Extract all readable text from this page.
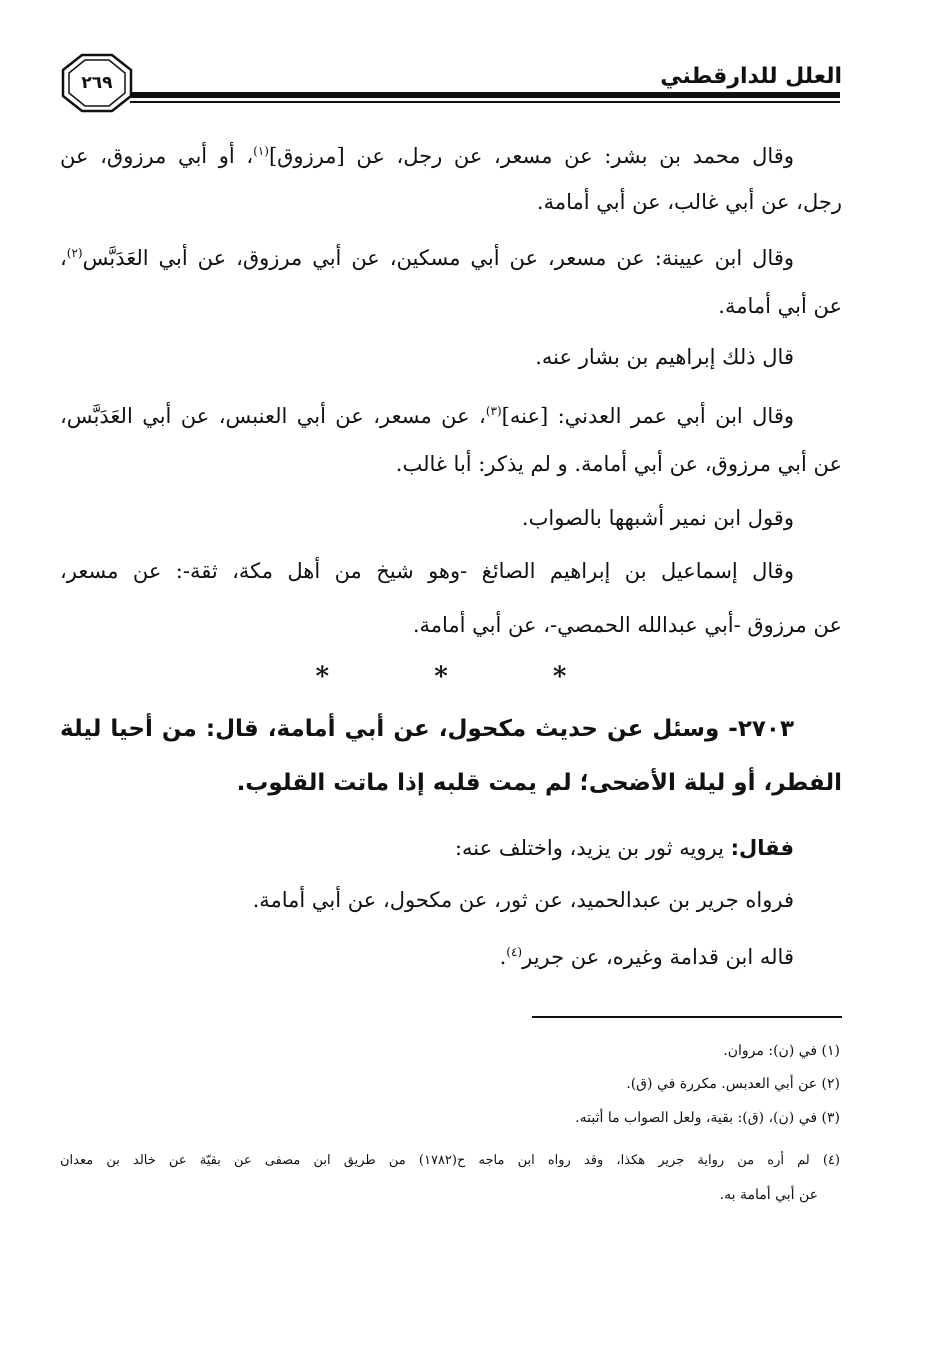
العلل للدارقطني
٢٦٩
وقال محمد بن بشر: عن مسعر، عن رجل، عن [مرزوق]$^{(١)}$، أو أبي مرزوق، عن
رجل، عن أبي غالب، عن أبي أمامة.
وقال ابن عيينة: عن مسعر، عن أبي مسكين، عن أبي مرزوق، عن أبي العَدَبَّس$^{(٢)}$،
عن أبي أمامة.
قال ذلك إبراهيم بن بشار عنه.
وقال ابن أبي عمر العدني: [عنه]$^{(٣)}$، عن مسعر، عن أبي العنبس، عن أبي العَدَبَّس،
عن أبي مرزوق، عن أبي أمامة. و لم يذكر: أبا غالب.
وقول ابن نمير أشبهها بالصواب.
وقال إسماعيل بن إبراهيم الصائغ -وهو شيخ من أهل مكة، ثقة-: عن مسعر،
عن مرزوق -أبي عبدالله الحمصي-، عن أبي أمامة.
* * *
٢٧٠٣- وسئل عن حديث مكحول، عن أبي أمامة، قال: من أحيا ليلة
الفطر، أو ليلة الأضحى؛ لم يمت قلبه إذا ماتت القلوب.
فقال: يرويه ثور بن يزيد، واختلف عنه:
فرواه جرير بن عبدالحميد، عن ثور، عن مكحول، عن أبي أمامة.
قاله ابن قدامة وغيره، عن جرير$^{(٤)}$.
(١) في (ن): مروان.
(٢) عن أبي العدبس. مكررة في (ق).
(٣) في (ن)، (ق): بقية، ولعل الصواب ما أثبته.
(٤) لم أره من رواية جرير هكذا، وقد رواه ابن ماجه ح(١٧٨٢) من طريق ابن مصفى عن بقيّة عن خالد بن معدان
عن أبي أمامة به.
